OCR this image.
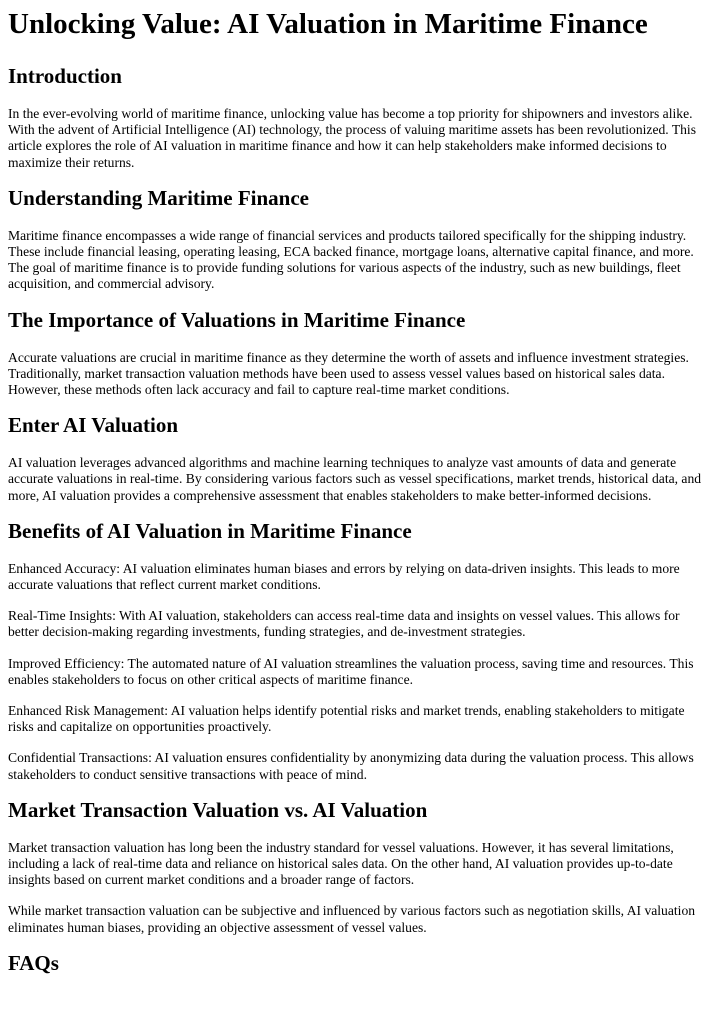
Unlocking Value: AI Valuation in Maritime Finance
Introduction

In the ever-evolving world of maritime finance, unlocking value has become a top priority for shipowners and investors alike. With the advent of Artificial Intelligence (AI) technology, the process of valuing maritime assets has been revolutionized. This article explores the role of AI valuation in maritime finance and how it can help stakeholders make informed decisions to maximize their returns.

Understanding Maritime Finance

Maritime finance encompasses a wide range of financial services and products tailored specifically for the shipping industry. These include financial leasing, operating leasing, ECA backed finance, mortgage loans, alternative capital finance, and more. The goal of maritime finance is to provide funding solutions for various aspects of the industry, such as new buildings, fleet acquisition, and commercial advisory.

The Importance of Valuations in Maritime Finance

Accurate valuations are crucial in maritime finance as they determine the worth of assets and influence investment strategies. Traditionally, market transaction valuation methods have been used to assess vessel values based on historical sales data. However, these methods often lack accuracy and fail to capture real-time market conditions.

Enter AI Valuation

AI valuation leverages advanced algorithms and machine learning techniques to analyze vast amounts of data and generate accurate valuations in real-time. By considering various factors such as vessel specifications, market trends, historical data, and more, AI valuation provides a comprehensive assessment that enables stakeholders to make better-informed decisions.

Benefits of AI Valuation in Maritime Finance

Enhanced Accuracy: AI valuation eliminates human biases and errors by relying on data-driven insights. This leads to more accurate valuations that reflect current market conditions.

Real-Time Insights: With AI valuation, stakeholders can access real-time data and insights on vessel values. This allows for better decision-making regarding investments, funding strategies, and de-investment strategies.

Improved Efficiency: The automated nature of AI valuation streamlines the valuation process, saving time and resources. This enables stakeholders to focus on other critical aspects of maritime finance.

Enhanced Risk Management: AI valuation helps identify potential risks and market trends, enabling stakeholders to mitigate risks and capitalize on opportunities proactively.

Confidential Transactions: AI valuation ensures confidentiality by anonymizing data during the valuation process. This allows stakeholders to conduct sensitive transactions with peace of mind.

Market Transaction Valuation vs. AI Valuation

Market transaction valuation has long been the industry standard for vessel valuations. However, it has several limitations, including a lack of real-time data and reliance on historical sales data. On the other hand, AI valuation provides up-to-date insights based on current market conditions and a broader range of factors.

While market transaction valuation can be subjective and influenced by various factors such as negotiation skills, AI valuation eliminates human biases, providing an objective assessment of vessel values.

FAQs
